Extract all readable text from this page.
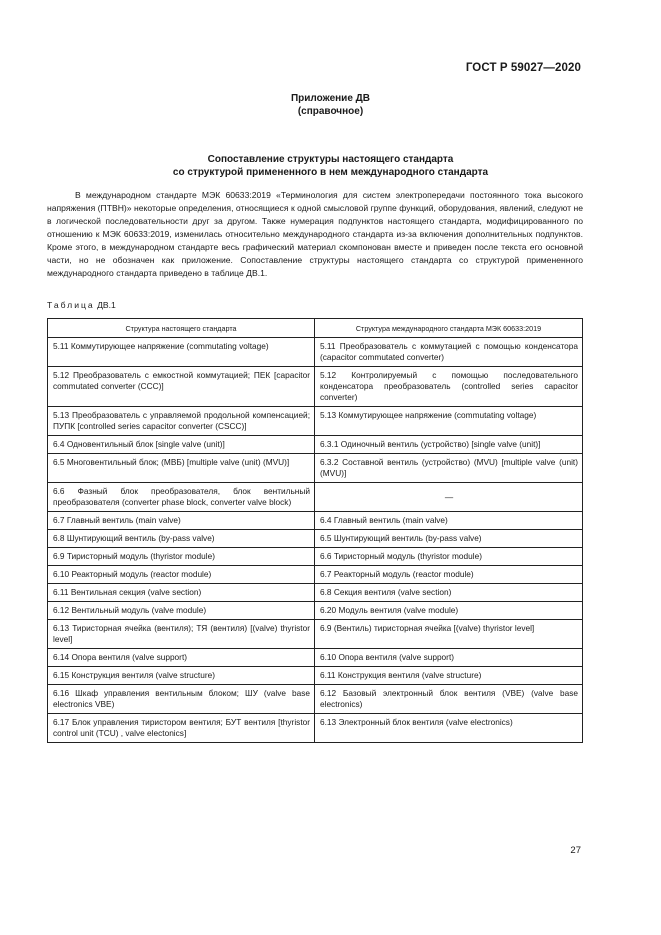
ГОСТ Р 59027—2020
Приложение ДВ
(справочное)
Сопоставление структуры настоящего стандарта
со структурой примененного в нем международного стандарта

В международном стандарте МЭК 60633:2019 «Терминология для систем электропередачи постоянного тока высокого напряжения (ПТВН)» некоторые определения, относящиеся к одной смысловой группе функций, оборудования, явлений, следуют не в логической последовательности друг за другом. Также нумерация подпунктов настоящего стандарта, модифицированного по отношению к МЭК 60633:2019, изменилась относительно международного стандарта из-за включения дополнительных подпунктов. Кроме этого, в международном стандарте весь графический материал скомпонован вместе и приведен после текста его основной части, но не обозначен как приложение. Сопоставление структуры настоящего стандарта со структурой примененного международного стандарта приведено в таблице ДВ.1.

Таблица ДВ.1
Структура настоящего стандарта	Структура международного стандарта МЭК 60633:2019
5.11 Коммутирующее напряжение (commutating voltage)	5.11 Преобразователь с коммутацией с помощью конденсатора (capacitor commutated converter)
5.12 Преобразователь с емкостной коммутацией; ПЕК [capacitor commutated converter (CCC)]	5.12 Контролируемый с помощью последовательного конденсатора преобразователь (controlled series capacitor converter)
5.13 Преобразователь с управляемой продольной компенсацией; ПУПК [controlled series capacitor converter (CSCC)]	5.13 Коммутирующее напряжение (commutating voltage)
6.4 Одновентильный блок [single valve (unit)]	6.3.1 Одиночный вентиль (устройство) [single valve (unit)]
6.5 Многовентильный блок; (МВБ) [multiple valve (unit) (MVU)]	6.3.2 Составной вентиль (устройство) (MVU) [multiple valve (unit) (MVU)]
6.6 Фазный блок преобразователя, блок вентильный преобразователя (converter phase block, converter valve block)	—
6.7 Главный вентиль (main valve)	6.4 Главный вентиль (main valve)
6.8 Шунтирующий вентиль (by-pass valve)	6.5 Шунтирующий вентиль (by-pass valve)
6.9 Тиристорный модуль (thyristor module)	6.6 Тиристорный модуль (thyristor module)
6.10 Реакторный модуль (reactor module)	6.7 Реакторный модуль (reactor module)
6.11 Вентильная секция (valve section)	6.8 Секция вентиля (valve section)
6.12 Вентильный модуль (valve module)	6.20 Модуль вентиля (valve module)
6.13 Тиристорная ячейка (вентиля); ТЯ (вентиля) [(valve) thyristor level]	6.9 (Вентиль) тиристорная ячейка [(valve) thyristor level]
6.14 Опора вентиля (valve support)	6.10 Опора вентиля (valve support)
6.15 Конструкция вентиля (valve structure)	6.11 Конструкция вентиля (valve structure)
6.16 Шкаф управления вентильным блоком; ШУ (valve base electronics VBE)	6.12 Базовый электронный блок вентиля (VBE) (valve base electronics)
6.17 Блок управления тиристором вентиля; БУТ вентиля [thyristor control unit (TCU) , valve electonics]	6.13 Электронный блок вентиля (valve electronics)
27
